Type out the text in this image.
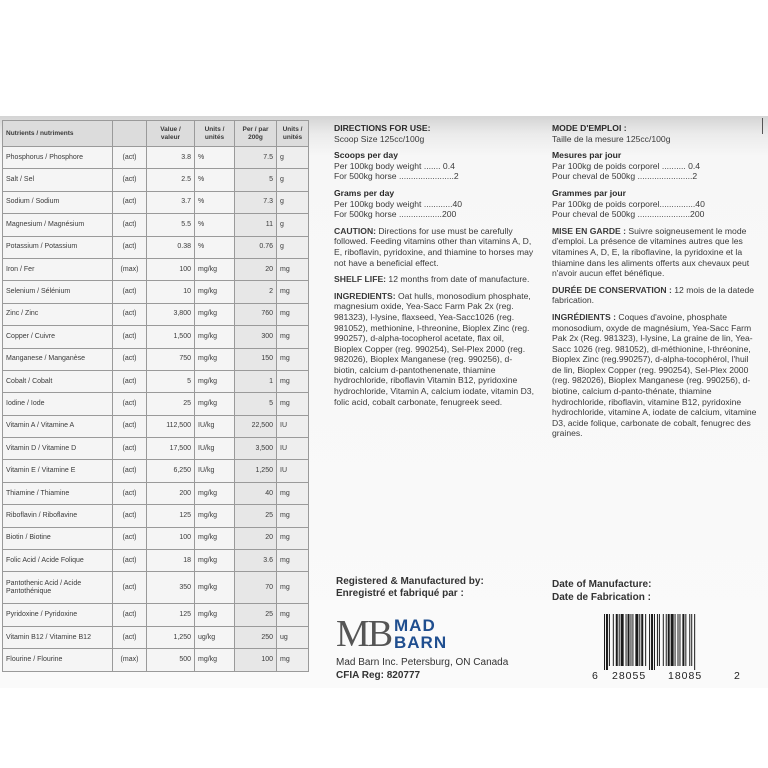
Nutrients / nutriments		Value / valeur	Units / unités	Per / par 200g	Units / unités
Phosphorus / Phosphore	(act)	3.8	%	7.5	g
Salt / Sel	(act)	2.5	%	5	g
Sodium / Sodium	(act)	3.7	%	7.3	g
Magnesium / Magnésium	(act)	5.5	%	11	g
Potassium / Potassium	(act)	0.38	%	0.76	g
Iron / Fer	(max)	100	mg/kg	20	mg
Selenium / Sélénium	(act)	10	mg/kg	2	mg
Zinc / Zinc	(act)	3,800	mg/kg	760	mg
Copper / Cuivre	(act)	1,500	mg/kg	300	mg
Manganese / Manganèse	(act)	750	mg/kg	150	mg
Cobalt / Cobalt	(act)	5	mg/kg	1	mg
Iodine / Iode	(act)	25	mg/kg	5	mg
Vitamin A / Vitamine A	(act)	112,500	IU/kg	22,500	IU
Vitamin D / Vitamine D	(act)	17,500	IU/kg	3,500	IU
Vitamin E / Vitamine E	(act)	6,250	IU/kg	1,250	IU
Thiamine / Thiamine	(act)	200	mg/kg	40	mg
Riboflavin / Riboflavine	(act)	125	mg/kg	25	mg
Biotin / Biotine	(act)	100	mg/kg	20	mg
Folic Acid / Acide Folique	(act)	18	mg/kg	3.6	mg
Pantothenic Acid / Acide Pantothénique	(act)	350	mg/kg	70	mg
Pyridoxine / Pyridoxine	(act)	125	mg/kg	25	mg
Vitamin B12 / Vitamine B12	(act)	1,250	ug/kg	250	ug
Flourine / Flourine	(max)	500	mg/kg	100	mg

DIRECTIONS FOR USE:

Scoop Size 125cc/100g

Scoops per day

Per 100kg body weight ....... 0.4

For 500kg horse .......................2

Grams per day

Per 100kg body weight ............40

For 500kg horse ..................200

CAUTION: Directions for use must be carefully followed. Feeding vitamins other than vitamins A, D, E, riboflavin, pyridoxine, and thiamine to horses may not have a beneficial effect.

SHELF LIFE: 12 months from date of manufacture.

INGREDIENTS: Oat hulls, monosodium phosphate, magnesium oxide, Yea-Sacc Farm Pak 2x (reg. 981323), l-lysine, flaxseed, Yea-Sacc1026 (reg. 981052), methionine, l-threonine, Bioplex Zinc (reg. 990257), d-alpha-tocopherol acetate, flax oil, Bioplex Copper (reg. 990254), Sel-Plex 2000 (reg. 982026), Bioplex Manganese (reg. 990256), d-biotin, calcium d-pantothenenate, thiamine hydrochloride, riboflavin Vitamin B12, pyridoxine hydrochloride, Vitamin A, calcium iodate, vitamin D3, folic acid, cobalt carbonate, fenugreek seed.

MODE D'EMPLOI :

Taille de la mesure 125cc/100g

Mesures par jour

Par 100kg de poids corporel .......... 0.4

Pour cheval de 500kg .......................2

Grammes par jour

Par 100kg de poids corporel...............40

Pour cheval de 500kg ......................200

MISE EN GARDE : Suivre soigneusement le mode d'emploi. La présence de vitamines autres que les vitamines A, D, E, la riboflavine, la pyridoxine et la thiamine dans les aliments offerts aux chevaux peut n'avoir aucun effet bénéfique.

DURÉE DE CONSERVATION : 12 mois de la datede fabrication.

INGRÉDIENTS : Coques d'avoine, phosphate monosodium, oxyde de magnésium, Yea-Sacc Farm Pak 2x (Reg. 981323), l-lysine, La graine de lin, Yea-Sacc 1026 (reg. 981052), dl-méthionine, l-thréonine, Bioplex Zinc (reg.990257), d-alpha-tocophérol, l'huil de lin, Bioplex Copper (reg. 990254), Sel-Plex 2000 (reg. 982026), Bioplex Manganese (reg. 990256), d-biotine, calcium d-panto-thénate, thiamine hydrochloride, riboflavin, vitamine B12, pyridoxine hydrochloride, vitamine A, iodate de calcium, vitamine D3, acide folique, carbonate de cobalt, fenugrec des graines.

Registered & Manufactured by:
Enregistré et fabriqué par :
MB MAD
BARN
Mad Barn Inc. Petersburg, ON Canada
CFIA Reg: 820777
Date of Manufacture:
Date de Fabrication :
6 28055 18085	2
